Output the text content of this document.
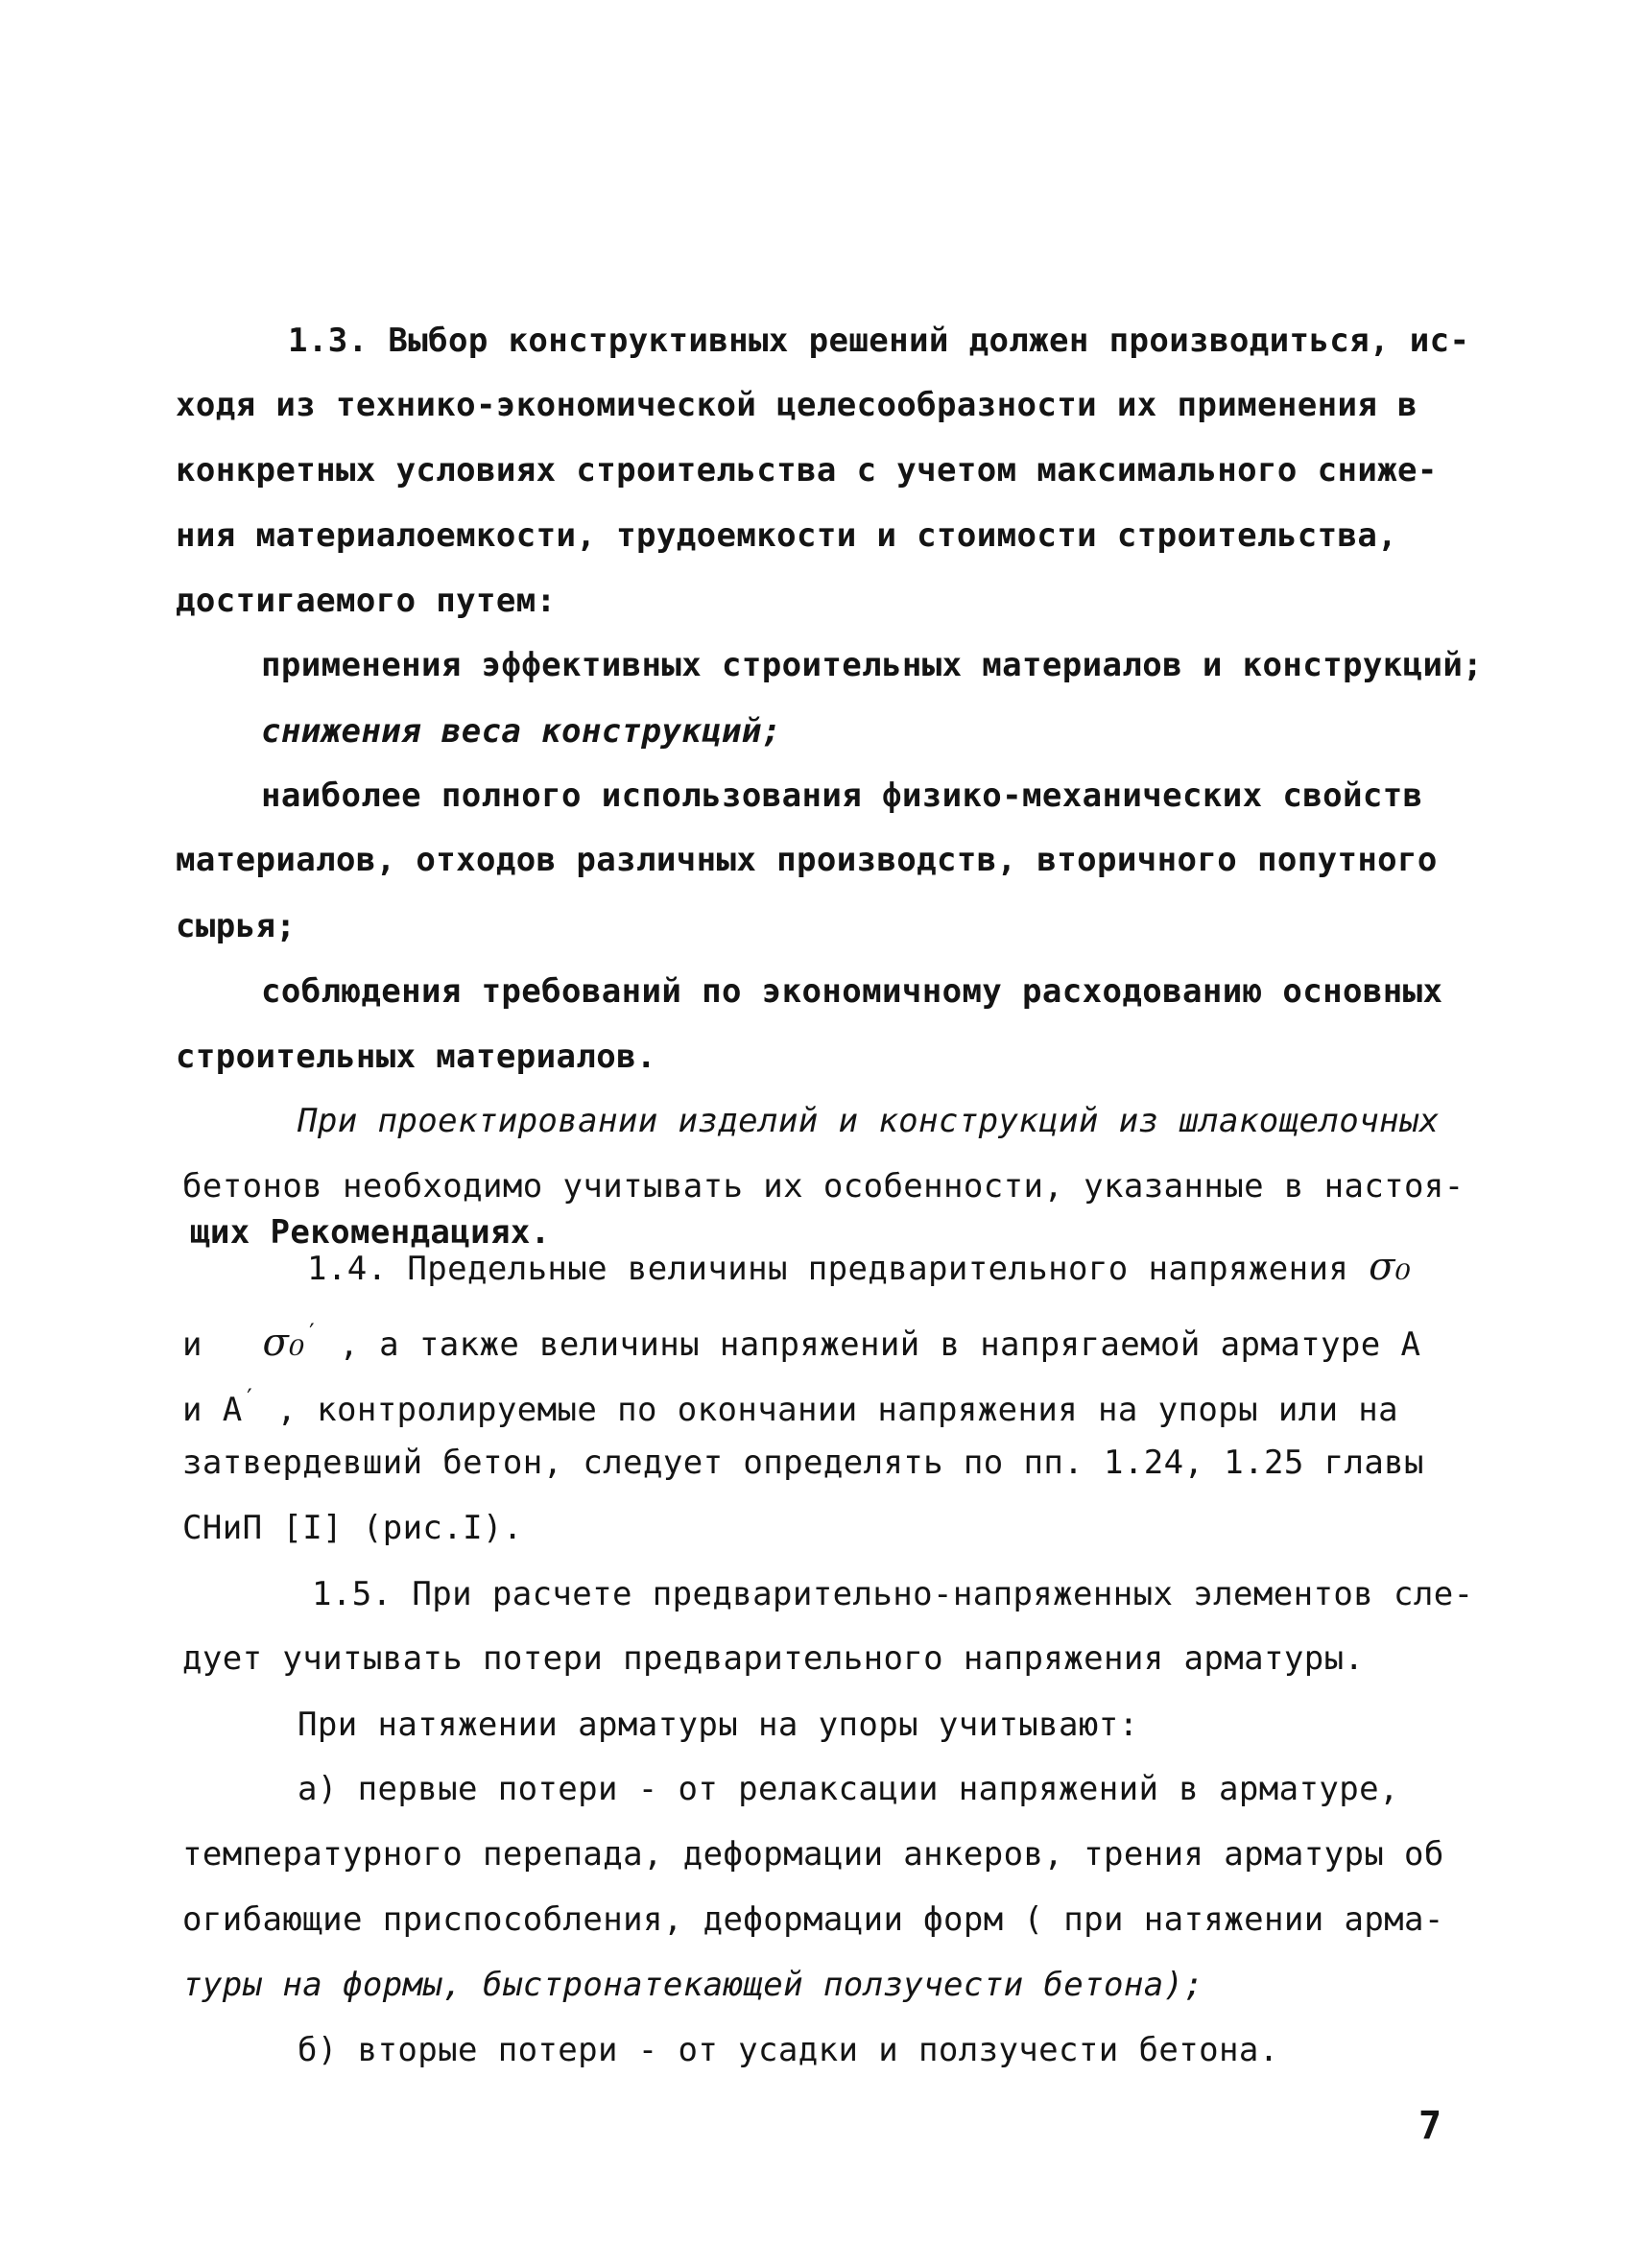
1.3. Выбор конструктивных решений должен производиться, ис-
ходя из технико-экономической целесообразности их применения в
конкретных условиях строительства с учетом максимального сниже-
ния материалоемкости, трудоемкости и стоимости строительства,
достигаемого путем:
применения эффективных строительных материалов и конструкций;
снижения веса конструкций;
наиболее полного использования физико-механических свойств
материалов, отходов различных производств, вторичного попутного
сырья;
соблюдения требований по экономичному расходованию основных
строительных материалов.
При проектировании изделий и конструкций из шлакощелочных
бетонов необходимо учитывать их особенности, указанные в настоя-
щих Рекомендациях.
1.4. Предельные величины предварительного напряжения σ₀
и σ₀′ , а также величины напряжений в напрягаемой арматуре А
и А′ , контролируемые по окончании напряжения на упоры или на
затвердевший бетон, следует определять по пп. 1.24, 1.25 главы
СНиП [I] (рис.I).
1.5. При расчете предварительно-напряженных элементов сле-
дует учитывать потери предварительного напряжения арматуры.
При натяжении арматуры на упоры учитывают:
а) первые потери - от релаксации напряжений в арматуре,
температурного перепада, деформации анкеров, трения арматуры об
огибающие приспособления, деформации форм ( при натяжении арма-
туры на формы, быстронатекающей ползучести бетона);
б) вторые потери - от усадки и ползучести бетона.
7
